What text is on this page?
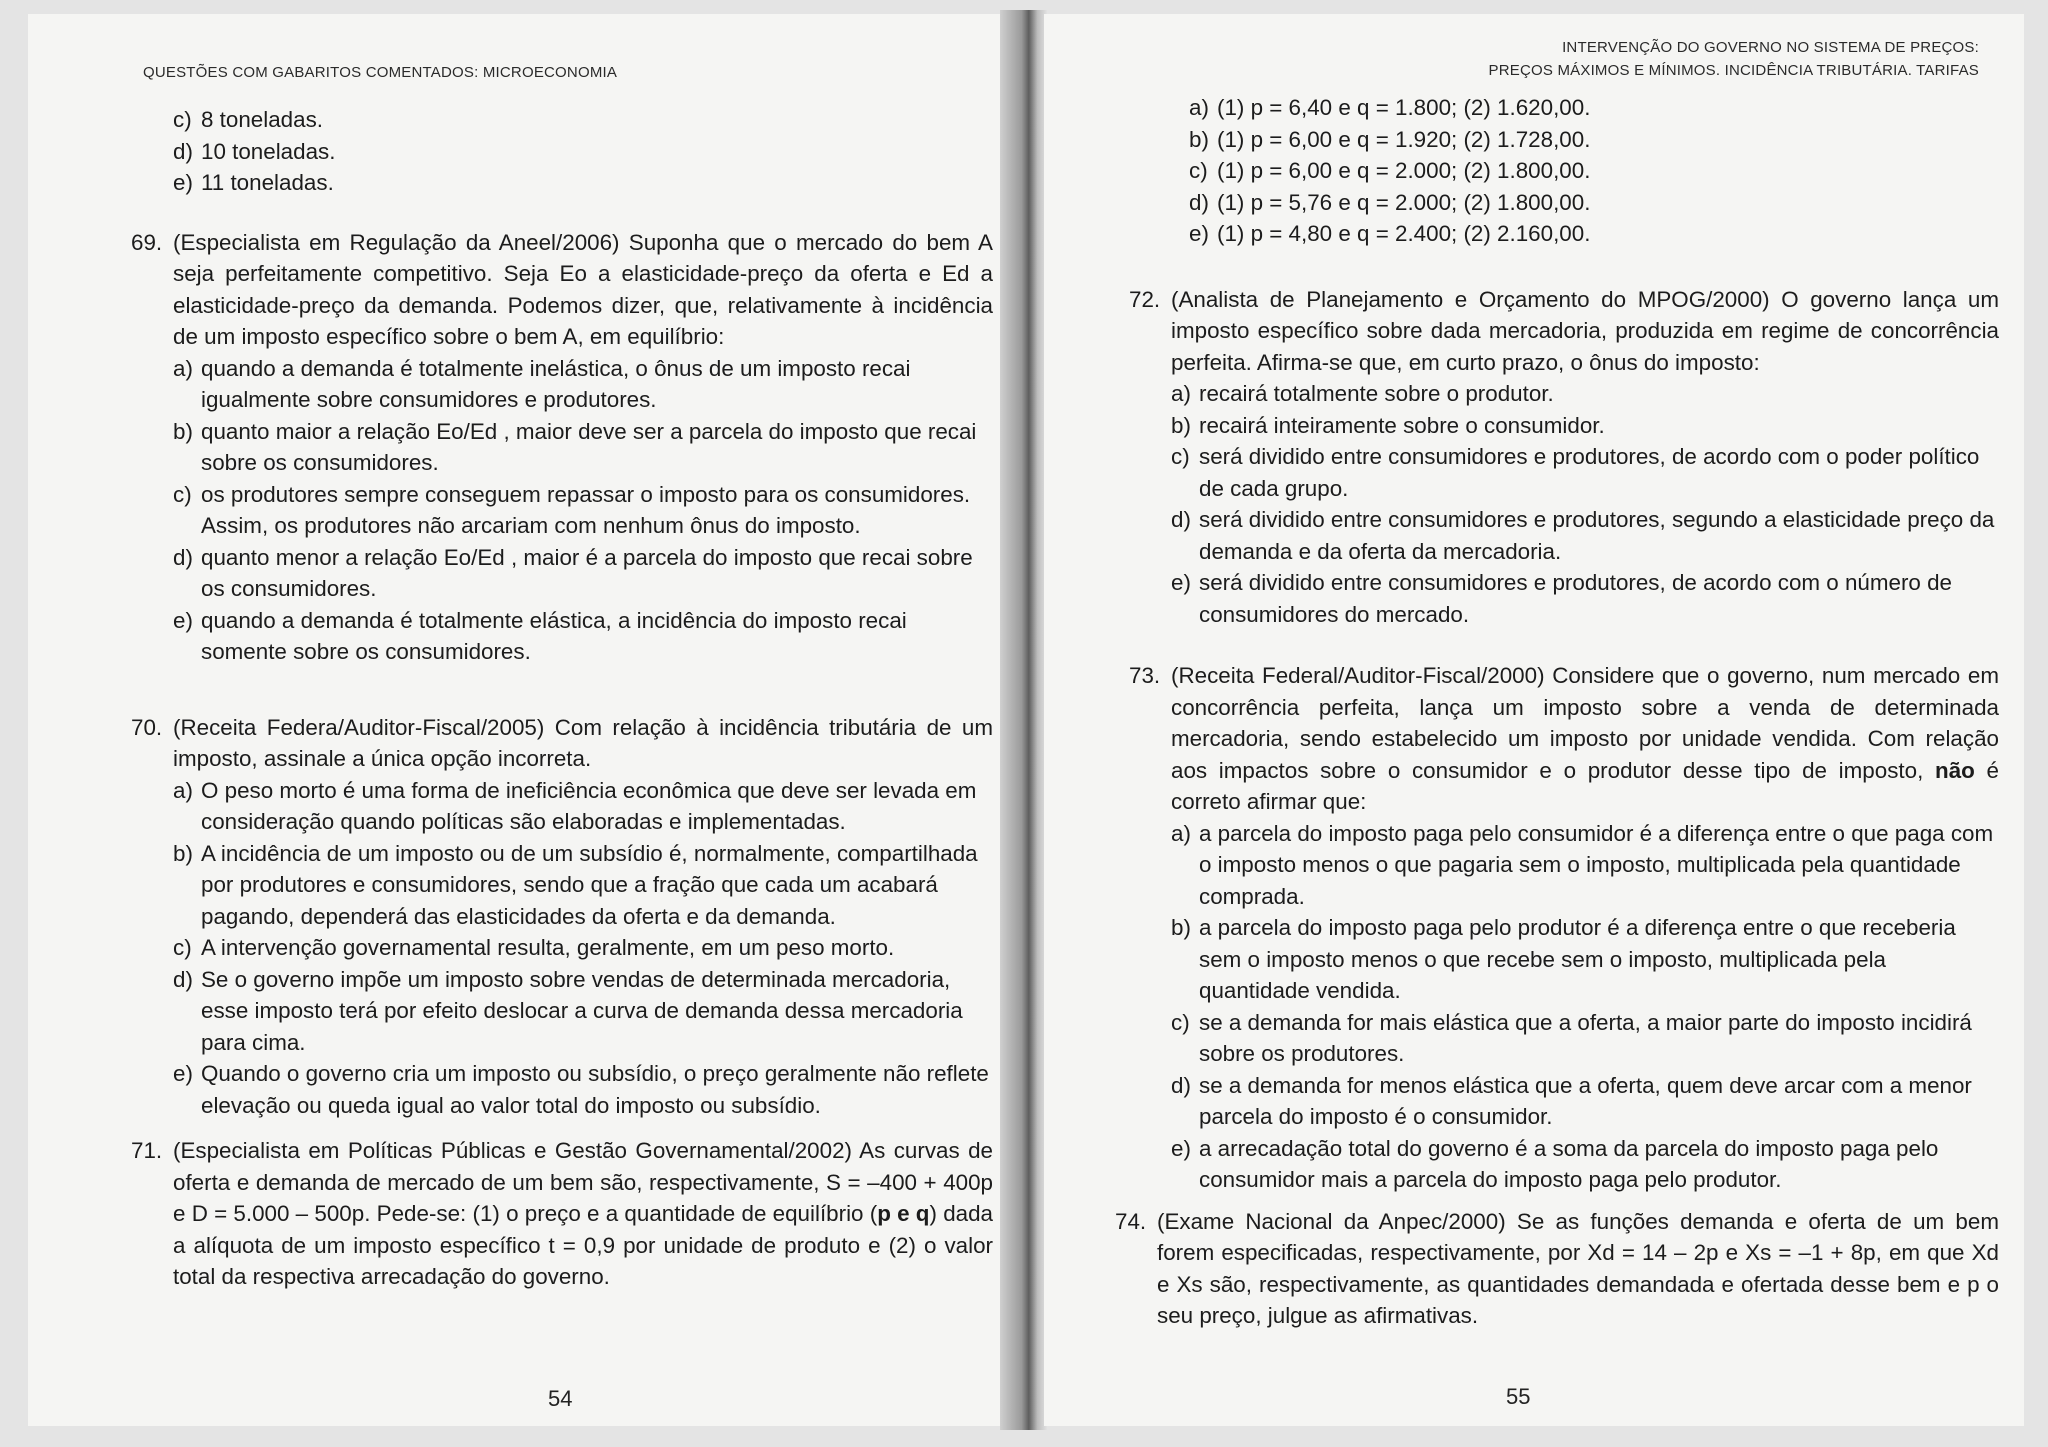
QUESTÕES COM GABARITOS COMENTADOS: MICROECONOMIA
c) 8 toneladas.
d) 10 toneladas.
e) 11 toneladas.
69. (Especialista em Regulação da Aneel/2006) Suponha que o mercado do bem A seja perfeitamente competitivo. Seja Eo a elasticidade-preço da oferta e Ed a elasticidade-preço da demanda. Podemos dizer, que, relativamente à incidência de um imposto específico sobre o bem A, em equilíbrio:
a) quando a demanda é totalmente inelástica, o ônus de um imposto recai igualmente sobre consumidores e produtores.
b) quanto maior a relação Eo/Ed , maior deve ser a parcela do imposto que recai sobre os consumidores.
c) os produtores sempre conseguem repassar o imposto para os consumidores. Assim, os produtores não arcariam com nenhum ônus do imposto.
d) quanto menor a relação Eo/Ed , maior é a parcela do imposto que recai sobre os consumidores.
e) quando a demanda é totalmente elástica, a incidência do imposto recai somente sobre os consumidores.
70. (Receita Federa/Auditor-Fiscal/2005) Com relação à incidência tributária de um imposto, assinale a única opção incorreta.
a) O peso morto é uma forma de ineficiência econômica que deve ser levada em consideração quando políticas são elaboradas e implementadas.
b) A incidência de um imposto ou de um subsídio é, normalmente, compartilhada por produtores e consumidores, sendo que a fração que cada um acabará pagando, dependerá das elasticidades da oferta e da demanda.
c) A intervenção governamental resulta, geralmente, em um peso morto.
d) Se o governo impõe um imposto sobre vendas de determinada mercadoria, esse imposto terá por efeito deslocar a curva de demanda dessa mercadoria para cima.
e) Quando o governo cria um imposto ou subsídio, o preço geralmente não reflete elevação ou queda igual ao valor total do imposto ou subsídio.
71. (Especialista em Políticas Públicas e Gestão Governamental/2002) As curvas de oferta e demanda de mercado de um bem são, respectivamente, S = –400 + 400p e D = 5.000 – 500p. Pede-se: (1) o preço e a quantidade de equilíbrio (p e q) dada a alíquota de um imposto específico t = 0,9 por unidade de produto e (2) o valor total da respectiva arrecadação do governo.
54
INTERVENÇÃO DO GOVERNO NO SISTEMA DE PREÇOS:
PREÇOS MÁXIMOS E MÍNIMOS. INCIDÊNCIA TRIBUTÁRIA. TARIFAS
a) (1) p = 6,40 e q = 1.800; (2) 1.620,00.
b) (1) p = 6,00 e q = 1.920; (2) 1.728,00.
c) (1) p = 6,00 e q = 2.000; (2) 1.800,00.
d) (1) p = 5,76 e q = 2.000; (2) 1.800,00.
e) (1) p = 4,80 e q = 2.400; (2) 2.160,00.
72. (Analista de Planejamento e Orçamento do MPOG/2000) O governo lança um imposto específico sobre dada mercadoria, produzida em regime de concorrência perfeita. Afirma-se que, em curto prazo, o ônus do imposto:
a) recairá totalmente sobre o produtor.
b) recairá inteiramente sobre o consumidor.
c) será dividido entre consumidores e produtores, de acordo com o poder político de cada grupo.
d) será dividido entre consumidores e produtores, segundo a elasticidade preço da demanda e da oferta da mercadoria.
e) será dividido entre consumidores e produtores, de acordo com o número de consumidores do mercado.
73. (Receita Federal/Auditor-Fiscal/2000) Considere que o governo, num mercado em concorrência perfeita, lança um imposto sobre a venda de determinada mercadoria, sendo estabelecido um imposto por unidade vendida. Com relação aos impactos sobre o consumidor e o produtor desse tipo de imposto, não é correto afirmar que:
a) a parcela do imposto paga pelo consumidor é a diferença entre o que paga com o imposto menos o que pagaria sem o imposto, multiplicada pela quantidade comprada.
b) a parcela do imposto paga pelo produtor é a diferença entre o que receberia sem o imposto menos o que recebe sem o imposto, multiplicada pela quantidade vendida.
c) se a demanda for mais elástica que a oferta, a maior parte do imposto incidirá sobre os produtores.
d) se a demanda for menos elástica que a oferta, quem deve arcar com a menor parcela do imposto é o consumidor.
e) a arrecadação total do governo é a soma da parcela do imposto paga pelo consumidor mais a parcela do imposto paga pelo produtor.
74. (Exame Nacional da Anpec/2000) Se as funções demanda e oferta de um bem forem especificadas, respectivamente, por Xd = 14 – 2p e Xs = –1 + 8p, em que Xd e Xs são, respectivamente, as quantidades demandada e ofertada desse bem e p o seu preço, julgue as afirmativas.
55
